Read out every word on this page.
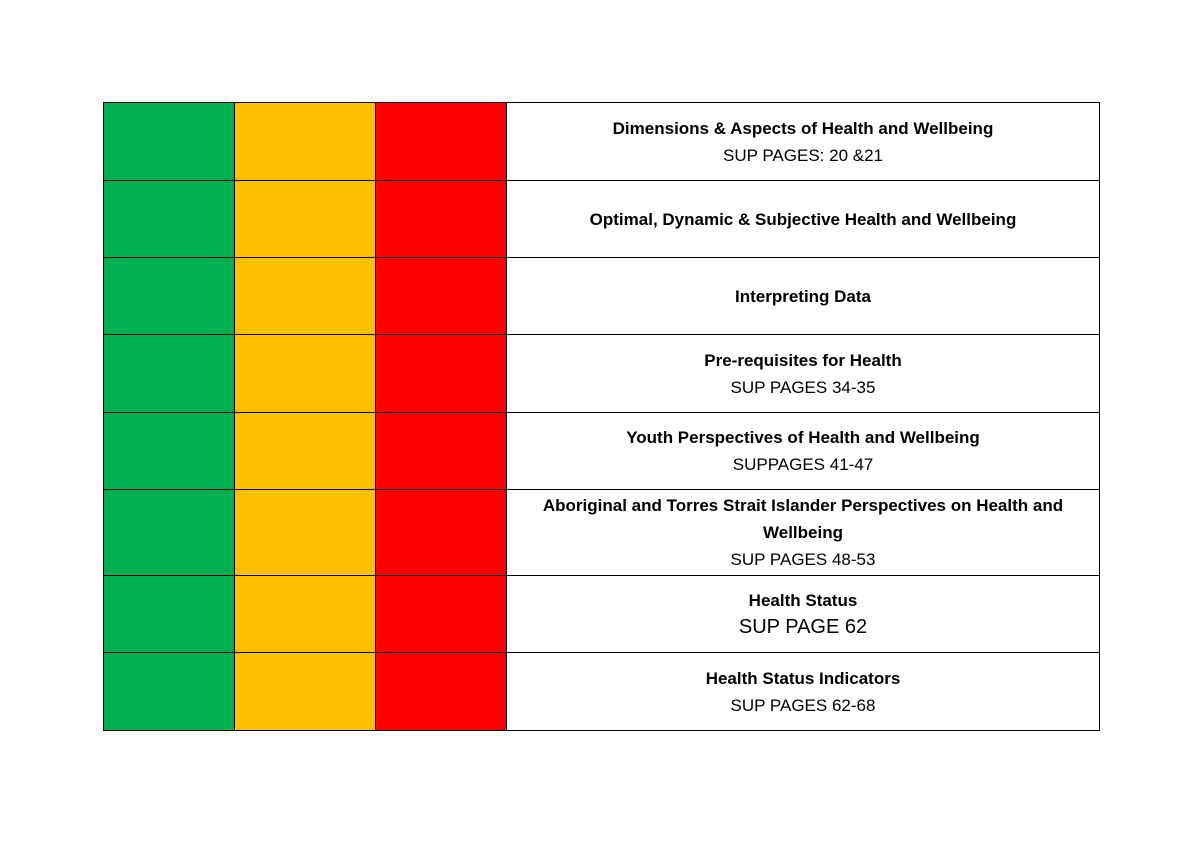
			Dimensions & Aspects of Health and Wellbeing
SUP PAGES: 20 &21

			Optimal, Dynamic & Subjective Health and Wellbeing

			Interpreting Data

			Pre-requisites for Health
SUP PAGES 34-35

			Youth Perspectives of Health and Wellbeing
SUPPAGES 41-47

			Aboriginal and Torres Strait Islander Perspectives on Health and Wellbeing
SUP PAGES 48-53

			Health Status
SUP PAGE 62

			Health Status Indicators
SUP PAGES 62-68
